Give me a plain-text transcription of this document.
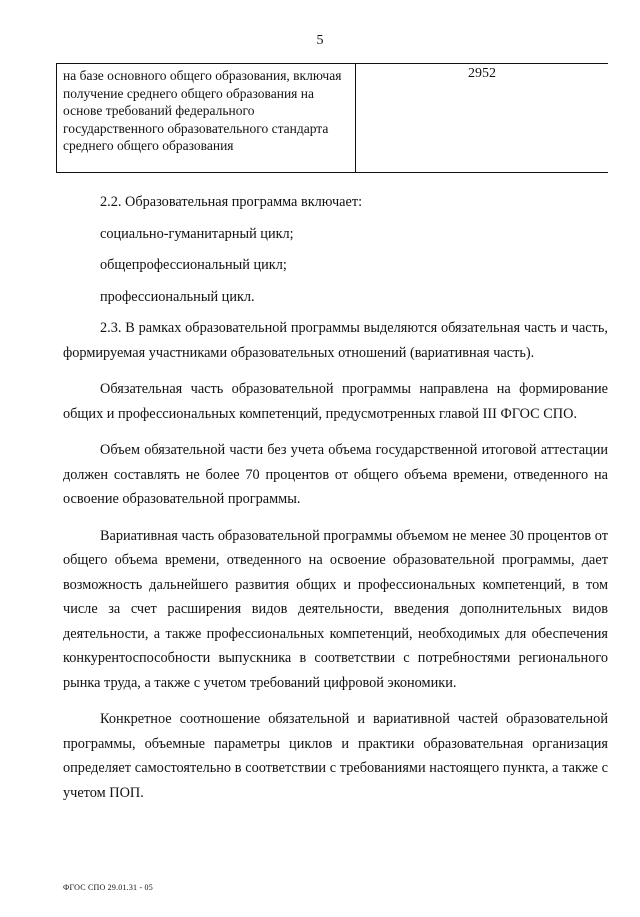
5
на базе основного общего образования, включая получение среднего общего образования на основе требований федерального государственного образовательного стандарта среднего общего образования
2952

2.2. Образовательная программа включает:

социально-гуманитарный цикл;

общепрофессиональный цикл;

профессиональный цикл.

2.3. В рамках образовательной программы выделяются обязательная часть и часть, формируемая участниками образовательных отношений (вариативная часть).

Обязательная часть образовательной программы направлена на формирование общих и профессиональных компетенций, предусмотренных главой III ФГОС СПО.

Объем обязательной части без учета объема государственной итоговой аттестации должен составлять не более 70 процентов от общего объема времени, отведенного на освоение образовательной программы.

Вариативная часть образовательной программы объемом не менее 30 процентов от общего объема времени, отведенного на освоение образовательной программы, дает возможность дальнейшего развития общих и профессиональных компетенций, в том числе за счет расширения видов деятельности, введения дополнительных видов деятельности, а также профессиональных компетенций, необходимых для обеспечения конкурентоспособности выпускника в соответствии с потребностями регионального рынка труда, а также с учетом требований цифровой экономики.

Конкретное соотношение обязательной и вариативной частей образовательной программы, объемные параметры циклов и практики образовательная организация определяет самостоятельно в соответствии с требованиями настоящего пункта, а также с учетом ПОП.

ФГОС СПО 29.01.31 - 05
